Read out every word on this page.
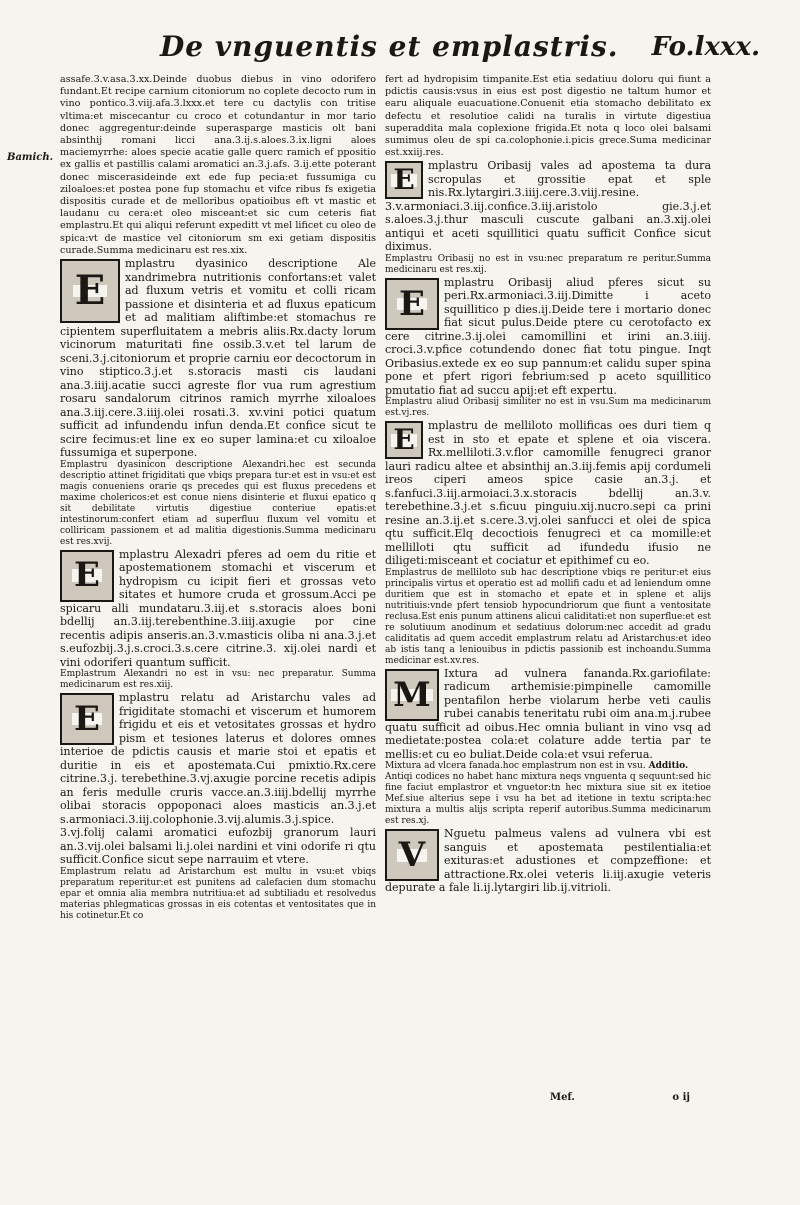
De vnguentis et emplastris. Fo.lxxx.
Bamich.

assafe.3.v.asa.3.xx.Deinde duobus diebus in vino odorifero fundant.Et recipe carnium citoniorum no coplete decocto rum in vino pontico.3.viij.afa.3.lxxx.et tere cu dactylis con tritise vltima:et miscecantur cu croco et cotundantur in mor tario donec aggregentur:deinde superasparge masticis olt bani absinthij romani licci ana.3.ij.s.aloes.3.ix.ligni aloes maciemyrrhe: aloes specie acatie galle querc ramich ef ppositio ex gallis et pastillis calami aromatici an.3.j.afs. 3.ij.ette poterant donec miscerasideinde ext ede fup pecia:et fussumiga cu ziloaloes:et postea pone fup stomachu et vifce ribus fs exigetia dispositis curade et de melloribus opatioibus eft vt mastic et laudanu cu cera:et oleo misceant:et sic cum ceteris fiat emplastru.Et qui aliqui referunt expeditt vt mel lificet cu oleo de spica:vt de mastice vel citoniorum sm exi getiam dispositis curade.Summa medicinaru est res.xix.

E

mplastru dyasinico descriptione Ale xandrimebra nutritionis confortans:et valet ad fluxum vetris et vomitu et colli ricam passione et disinteria et ad fluxus epaticum et ad malitiam aliftimbe:et stomachus re cipientem superfluitatem a mebris aliis.Rx.dacty lorum vicinorum maturitati fine ossib.3.v.et tel larum de sceni.3.j.citoniorum et proprie carniu eor decoctorum in vino stiptico.3.j.et s.storacis masti cis laudani ana.3.iiij.acatie succi agreste flor vua rum agrestium rosaru sandalorum citrinos ramich myrrhe xiloaloes ana.3.iij.cere.3.iiij.olei rosati.3. xv.vini potici quatum sufficit ad infundendu infun denda.Et confice sicut te scire fecimus:et line ex eo super lamina:et cu xiloaloe fussumiga et superpone.

Emplastru dyasinicon descriptione Alexandri.hec est secunda descriptio attinet frigiditati que vbiqs prepara tur:et est in vsu:et est magis conueniens orarie qs precedes qui est fluxus precedens et maxime cholericos:et est conue niens disinterie et fluxui epatico q sit debilitate virtutis digestiue conteriue epatis:et intestinorum:confert etiam ad superfluu fluxum vel vomitu et colliricam passionem et ad malitia digestionis.Summa medicinaru est res.xvij.

E

mplastru Alexadri pferes ad oem du ritie et apostemationem stomachi et viscerum et hydropism cu icipit fieri et grossas veto sitates et humore cruda et grossum.Acci pe spicaru alli mundataru.3.iij.et s.storacis aloes boni bdellij an.3.iij.terebenthine.3.iiij.axugie por cine recentis adipis anseris.an.3.v.masticis oliba ni ana.3.j.et s.eufozbij.3.j.s.croci.3.s.cere citrine.3. xij.olei nardi et vini odoriferi quantum sufficit.

Emplastrum Alexandri no est in vsu: nec preparatur. Summa medicinarum est res.xiij.

E

mplastru relatu ad Aristarchu vales ad frigiditate stomachi et viscerum et humorem frigidu et eis et vetositates grossas et hydro pism et tesiones laterus et dolores omnes interioe de pdictis causis et marie stoi et epatis et duritie in eis et apostemata.Cui pmixtio.Rx.cere citrine.3.j. terebethine.3.vj.axugie porcine recetis adipis an feris medulle cruris vacce.an.3.iiij.bdellij myrrhe olibai storacis oppoponaci aloes masticis an.3.j.et s.armoniaci.3.iij.colophonie.3.vij.alumis.3.j.spice. 3.vj.folij calami aromatici eufozbij granorum lauri an.3.vij.olei balsami li.j.olei nardini et vini odorife ri qtu sufficit.Confice sicut sepe narrauim et vtere.

Emplastrum relatu ad Aristarchum est multu in vsu:et vbiqs preparatum reperitur:et est punitens ad calefacien dum stomachu epar et omnia alia membra nutritiua:et ad subtiliadu et resolvedus materias phlegmaticas grossas in eis cotentas et ventositates que in his cotinetur.Et co

fert ad hydropisim timpanite.Est etia sedatiuu doloru qui fiunt a pdictis causis:vsus in eius est post digestio ne taltum humor et earu aliquale euacuatione.Conuenit etia stomacho debilitato ex defectu et resolutioe calidi na turalis in virtute digestiua superaddita mala coplexione frigida.Et nota q loco olei balsami sumimus oleu de spi ca.colophonie.i.picis grece.Suma medicinar est.xxiij.res.

E	mplastru Oribasij vales ad apostema ta dura scropulas et grossitie epat et sple nis.Rx.lytargiri.3.iiij.cere.3.viij.resine. 3.v.armoniaci.3.iij.confice.3.iij.aristolo gie.3.j.et s.aloes.3.j.thur masculi cuscute galbani an.3.xij.olei antiqui et aceti squillitici quatu sufficit Confice sicut diximus.

Emplastru Oribasij no est in vsu:nec preparatum re peritur.Summa medicinaru est res.xij.

E

mplastru Oribasij aliud pferes sicut su peri.Rx.armoniaci.3.iij.Dimitte i aceto squillitico p dies.ij.Deide tere i mortario donec fiat sicut pulus.Deide ptere cu cerotofacto ex cere citrine.3.ij.olei camomillini et irini an.3.iiij. croci.3.v.pfice cotundendo donec fiat totu pingue. Inqt Oribasius.extede ex eo sup pannum:et calidu super spina pone et pfert rigori febrium:sed p aceto squillitico pmutatio fiat ad succu apij:et eft expertu.

Emplastru aliud Oribasij similiter no est in vsu.Sum ma medicinarum est.vj.res.

E	mplastru de melliloto mollificas oes duri tiem q est in sto et epate et splene et oia viscera. Rx.melliloti.3.v.flor camomille fenugreci granor lauri radicu altee et absinthij an.3.iij.femis apij cordumeli ireos ciperi ameos spice casie an.3.j. et s.fanfuci.3.iij.armoiaci.3.x.storacis bdellij an.3.v. terebethine.3.j.et s.ficuu pinguiu.xij.nucro.sepi ca prini resine an.3.ij.et s.cere.3.vj.olei sanfucci et olei de spica qtu sufficit.Elq decoctiois fenugreci et ca momille:et mellilloti qtu sufficit ad ifundedu ifusio ne diligeti:misceant et cociatur et epithimef cu eo.

Emplastrus de melliloto sub hac descriptione vbiqs re peritur:et eius principalis virtus et operatio est ad mollifi cadu et ad leniendum omne duritiem que est in stomacho et epate et in splene et alijs nutritiuis:vnde pfert tensiob hypocundriorum que fiunt a ventositate reclusa.Est enis punum attinens alicui caliditati:et non superflue:et est re solutiuum anodinum et sedatiuus dolorum:nec accedit ad gradu caliditatis ad quem accedit emplastrum relatu ad Aristarchus:et ideo ab istis tanq a leniouibus in pdictis passionib est inchoandu.Summa medicinar est.xv.res.

M

Ixtura ad vulnera fananda.Rx.gariofilate: radicum arthemisie:pimpinelle camomille pentafilon herbe violarum herbe veti caulis rubei canabis teneritatu rubi oim ana.m.j.rubee quatu sufficit ad oibus.Hec omnia buliant in vino vsq ad medietate:postea cola:et colature adde tertia par te mellis:et cu eo buliat.Deide cola:et vsui referua.

Mixtura ad vlcera fanada.hoc emplastrum non est in vsu. Additio.

Antiqi codices no habet hanc mixtura neqs vnguenta q sequunt:sed hic fine faciut emplastror et vnguetor:tn hec mixtura siue sit ex itetioe Mef.siue alterius sepe i vsu ha bet ad itetione in textu scripta:hec mixtura a multis alijs scripta reperif autoribus.Summa medicinarum est res.xj.

V

Nguetu palmeus valens ad vulnera vbi est sanguis et apostemata pestilentialia:et exituras:et adustiones et compzeffione: et attractione.Rx.olei veteris li.iij.axugie veteris depurate a fale li.ij.lytargiri lib.ij.vitrioli.

Mef.	o ij
